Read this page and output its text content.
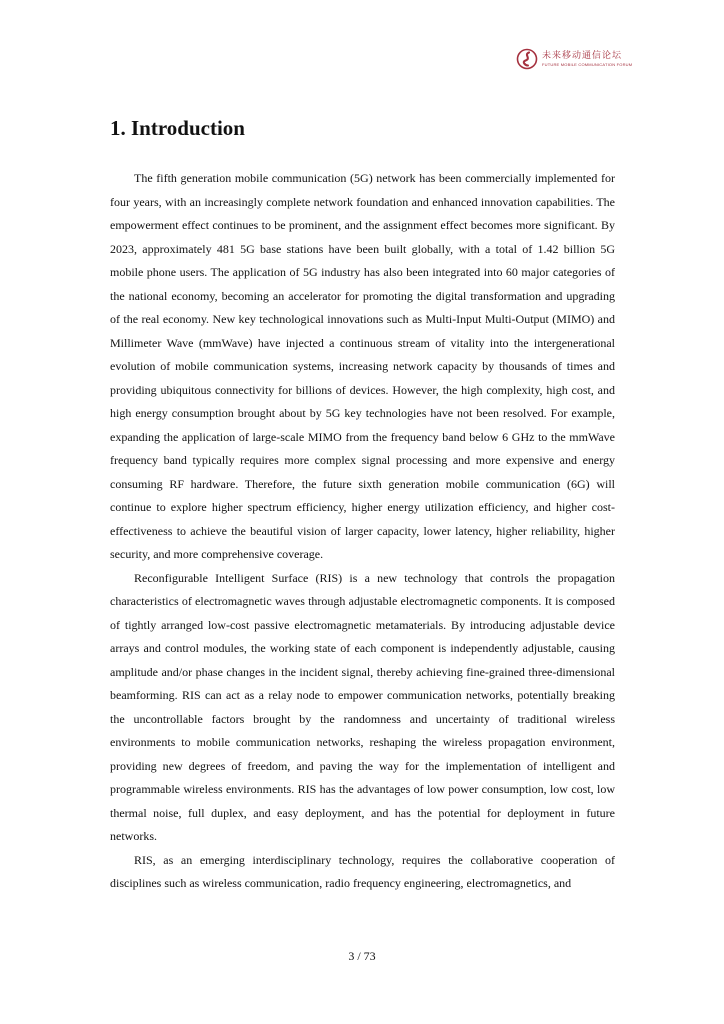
未来移动通信论坛
FUTURE MOBILE COMMUNICATION FORUM
1. Introduction

The fifth generation mobile communication (5G) network has been commercially implemented for four years, with an increasingly complete network foundation and enhanced innovation capabilities. The empowerment effect continues to be prominent, and the assignment effect becomes more significant. By 2023, approximately 481 5G base stations have been built globally, with a total of 1.42 billion 5G mobile phone users. The application of 5G industry has also been integrated into 60 major categories of the national economy, becoming an accelerator for promoting the digital transformation and upgrading of the real economy. New key technological innovations such as Multi-Input Multi-Output (MIMO) and Millimeter Wave (mmWave) have injected a continuous stream of vitality into the intergenerational evolution of mobile communication systems, increasing network capacity by thousands of times and providing ubiquitous connectivity for billions of devices. However, the high complexity, high cost, and high energy consumption brought about by 5G key technologies have not been resolved. For example, expanding the application of large-scale MIMO from the frequency band below 6 GHz to the mmWave frequency band typically requires more complex signal processing and more expensive and energy consuming RF hardware. Therefore, the future sixth generation mobile communication (6G) will continue to explore higher spectrum efficiency, higher energy utilization efficiency, and higher cost-effectiveness to achieve the beautiful vision of larger capacity, lower latency, higher reliability, higher security, and more comprehensive coverage.

Reconfigurable Intelligent Surface (RIS) is a new technology that controls the propagation characteristics of electromagnetic waves through adjustable electromagnetic components. It is composed of tightly arranged low-cost passive electromagnetic metamaterials. By introducing adjustable device arrays and control modules, the working state of each component is independently adjustable, causing amplitude and/or phase changes in the incident signal, thereby achieving fine-grained three-dimensional beamforming. RIS can act as a relay node to empower communication networks, potentially breaking the uncontrollable factors brought by the randomness and uncertainty of traditional wireless environments to mobile communication networks, reshaping the wireless propagation environment, providing new degrees of freedom, and paving the way for the implementation of intelligent and programmable wireless environments. RIS has the advantages of low power consumption, low cost, low thermal noise, full duplex, and easy deployment, and has the potential for deployment in future networks.

RIS, as an emerging interdisciplinary technology, requires the collaborative cooperation of disciplines such as wireless communication, radio frequency engineering, electromagnetics, and

3 / 73
